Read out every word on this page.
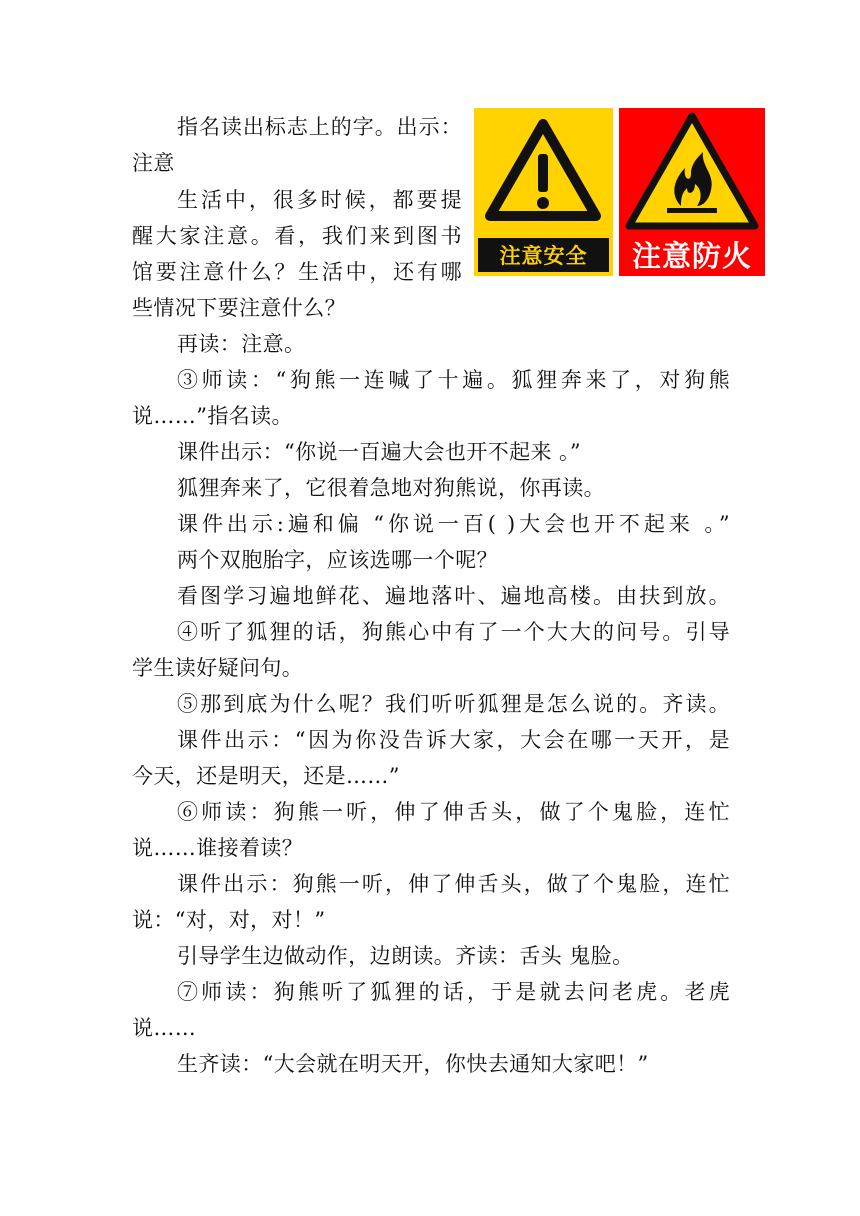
注意安全	注意防火
指名读出标志上的字。出示：
注意
生活中，很多时候，都要提
醒大家注意。看，我们来到图书
馆要注意什么？生活中，还有哪
些情况下要注意什么？
再读：注意。
③师读：“狗熊一连喊了十遍。狐狸奔来了，对狗熊
说……”指名读。
课件出示：“你说一百遍大会也开不起来 。”
狐狸奔来了，它很着急地对狗熊说，你再读。
课件出示:遍和偏 “你说一百( )大会也开不起来 。”
两个双胞胎字，应该选哪一个呢？
看图学习遍地鲜花、遍地落叶、遍地高楼。由扶到放。
④听了狐狸的话，狗熊心中有了一个大大的问号。引导
学生读好疑问句。
⑤那到底为什么呢？我们听听狐狸是怎么说的。齐读。
课件出示：“因为你没告诉大家，大会在哪一天开，是
今天，还是明天，还是……”
⑥师读：狗熊一听，伸了伸舌头，做了个鬼脸，连忙
说……谁接着读？
课件出示：狗熊一听，伸了伸舌头，做了个鬼脸，连忙
说：“对，对，对！”
引导学生边做动作，边朗读。齐读：舌头 鬼脸。
⑦师读：狗熊听了狐狸的话，于是就去问老虎。老虎
说……
生齐读：“大会就在明天开，你快去通知大家吧！”
